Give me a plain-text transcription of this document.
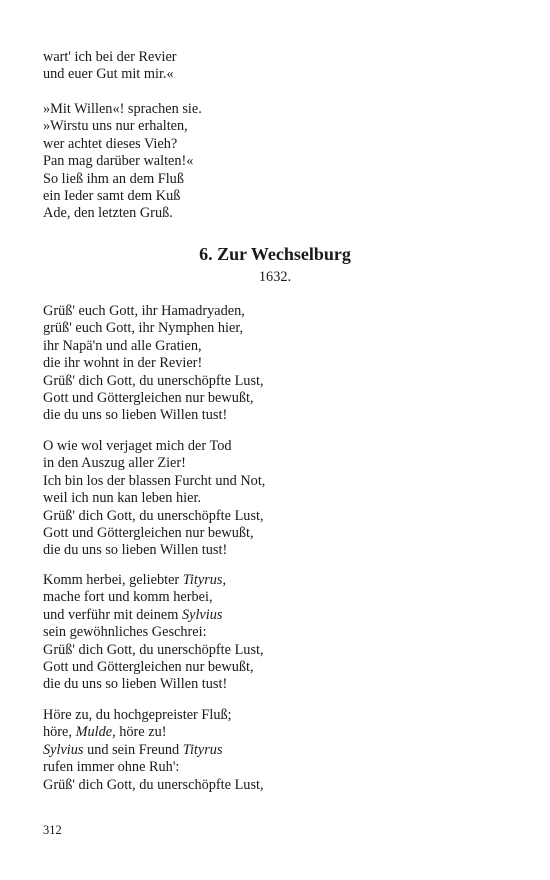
wart' ich bei der Revier
und euer Gut mit mir.«
»Mit Willen«! sprachen sie.
»Wirstu uns nur erhalten,
wer achtet dieses Vieh?
Pan mag darüber walten!«
So ließ ihm an dem Fluß
ein Ieder samt dem Kuß
Ade, den letzten Gruß.
6. Zur Wechselburg
1632.
Grüß' euch Gott, ihr Hamadryaden,
grüß' euch Gott, ihr Nymphen hier,
ihr Napä'n und alle Gratien,
die ihr wohnt in der Revier!
Grüß' dich Gott, du unerschöpfte Lust,
Gott und Göttergleichen nur bewußt,
die du uns so lieben Willen tust!
O wie wol verjaget mich der Tod
in den Auszug aller Zier!
Ich bin los der blassen Furcht und Not,
weil ich nun kan leben hier.
Grüß' dich Gott, du unerschöpfte Lust,
Gott und Göttergleichen nur bewußt,
die du uns so lieben Willen tust!
Komm herbei, geliebter Tityrus,
mache fort und komm herbei,
und verführ mit deinem Sylvius
sein gewöhnliches Geschrei:
Grüß' dich Gott, du unerschöpfte Lust,
Gott und Göttergleichen nur bewußt,
die du uns so lieben Willen tust!
Höre zu, du hochgepreister Fluß;
höre, Mulde, höre zu!
Sylvius und sein Freund Tityrus
rufen immer ohne Ruh':
Grüß' dich Gott, du unerschöpfte Lust,
312
